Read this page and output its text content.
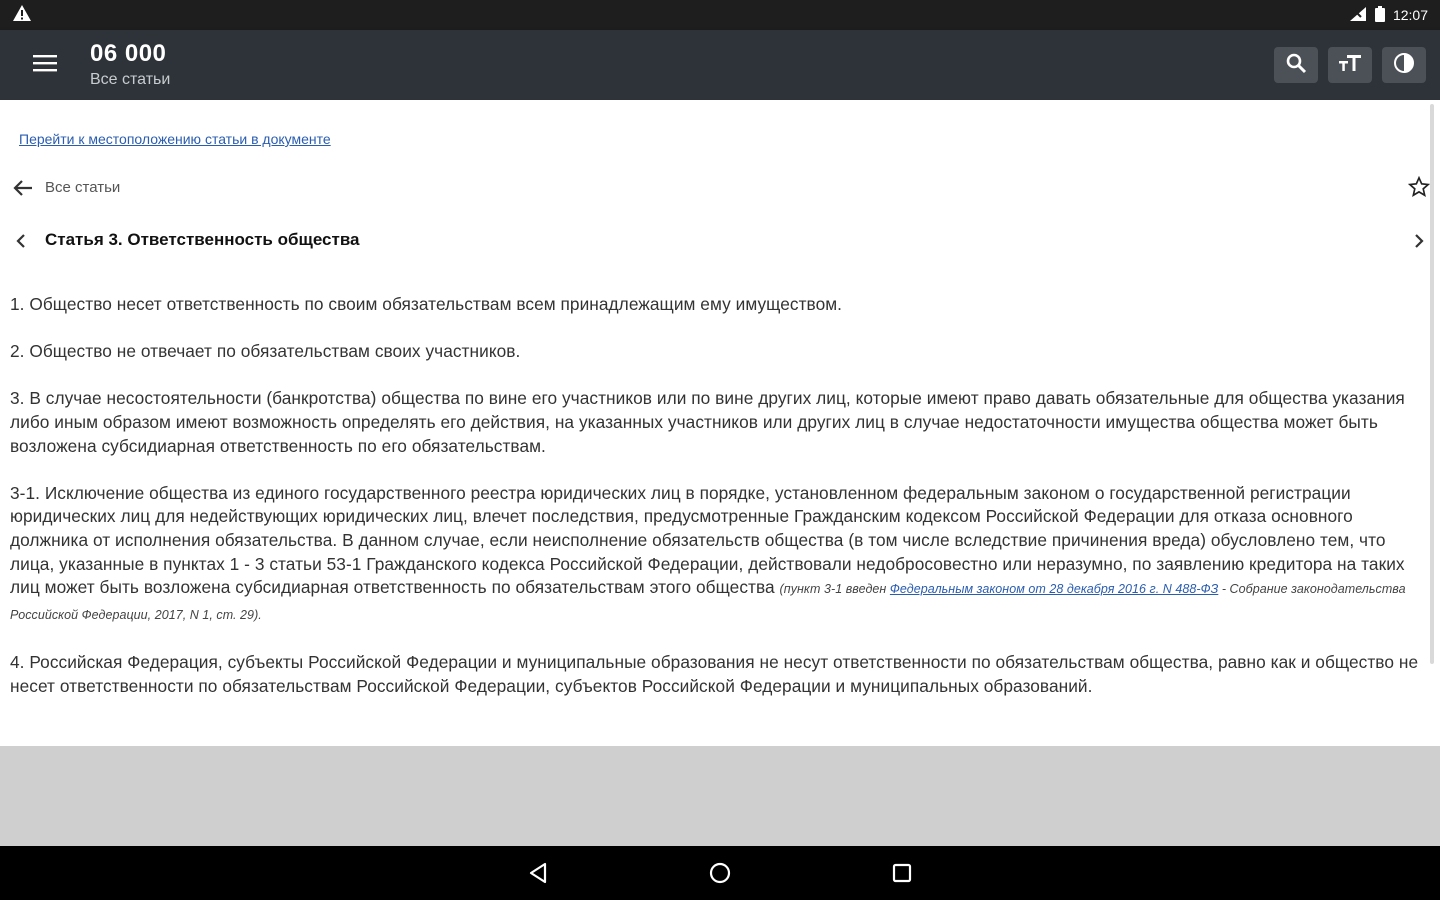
12:07
06 000
Все статьи
Перейти к местоположению статьи в документе
Все статьи
Статья 3. Ответственность общества

1. Общество несет ответственность по своим обязательствам всем принадлежащим ему имуществом.

2. Общество не отвечает по обязательствам своих участников.

3. В случае несостоятельности (банкротства) общества по вине его участников или по вине других лиц, которые имеют право давать обязательные для общества указания либо иным образом имеют возможность определять его действия, на указанных участников или других лиц в случае недостаточности имущества общества может быть возложена субсидиарная ответственность по его обязательствам.

3-1. Исключение общества из единого государственного реестра юридических лиц в порядке, установленном федеральным законом о государственной регистрации юридических лиц для недействующих юридических лиц, влечет последствия, предусмотренные Гражданским кодексом Российской Федерации для отказа основного должника от исполнения обязательства. В данном случае, если неисполнение обязательств общества (в том числе вследствие причинения вреда) обусловлено тем, что лица, указанные в пунктах 1 - 3 статьи 53-1 Гражданского кодекса Российской Федерации, действовали недобросовестно или неразумно, по заявлению кредитора на таких лиц может быть возложена субсидиарная ответственность по обязательствам этого общества (пункт 3-1 введен Федеральным законом от 28 декабря 2016 г. N 488-ФЗ - Собрание законодательства Российской Федерации, 2017, N 1, ст. 29).

4. Российская Федерация, субъекты Российской Федерации и муниципальные образования не несут ответственности по обязательствам общества, равно как и общество не несет ответственности по обязательствам Российской Федерации, субъектов Российской Федерации и муниципальных образований.
